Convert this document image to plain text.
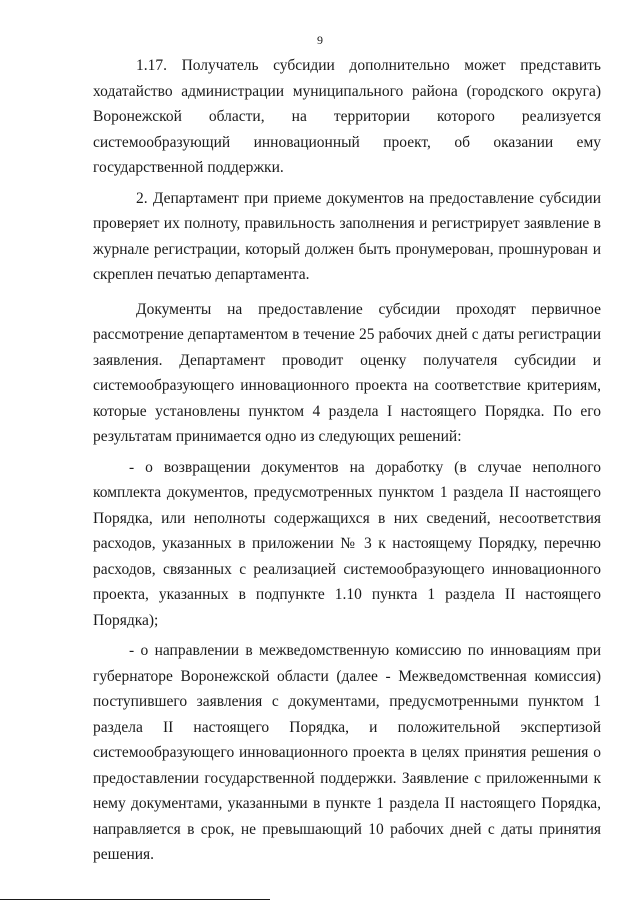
9

1.17. Получатель субсидии дополнительно может представить ходатайство администрации муниципального района (городского округа) Воронежской области, на территории которого реализуется системообразующий инновационный проект, об оказании ему государственной поддержки.

2. Департамент при приеме документов на предоставление субсидии проверяет их полноту, правильность заполнения и регистрирует заявление в журнале регистрации, который должен быть пронумерован, прошнурован и скреплен печатью департамента.

Документы на предоставление субсидии проходят первичное рассмотрение департаментом в течение 25 рабочих дней с даты регистрации заявления. Департамент проводит оценку получателя субсидии и системообразующего инновационного проекта на соответствие критериям, которые установлены пунктом 4 раздела I настоящего Порядка. По его результатам принимается одно из следующих решений:

- о возвращении документов на доработку (в случае неполного комплекта документов, предусмотренных пунктом 1 раздела II настоящего Порядка, или неполноты содержащихся в них сведений, несоответствия расходов, указанных в приложении № 3 к настоящему Порядку, перечню расходов, связанных с реализацией системообразующего инновационного проекта, указанных в подпункте 1.10 пункта 1 раздела II настоящего Порядка);

- о направлении в межведомственную комиссию по инновациям при губернаторе Воронежской области (далее - Межведомственная комиссия) поступившего заявления с документами, предусмотренными пунктом 1 раздела II настоящего Порядка, и положительной экспертизой системообразующего инновационного проекта в целях принятия решения о предоставлении государственной поддержки. Заявление с приложенными к нему документами, указанными в пункте 1 раздела II настоящего Порядка, направляется в срок, не превышающий 10 рабочих дней с даты принятия решения.
